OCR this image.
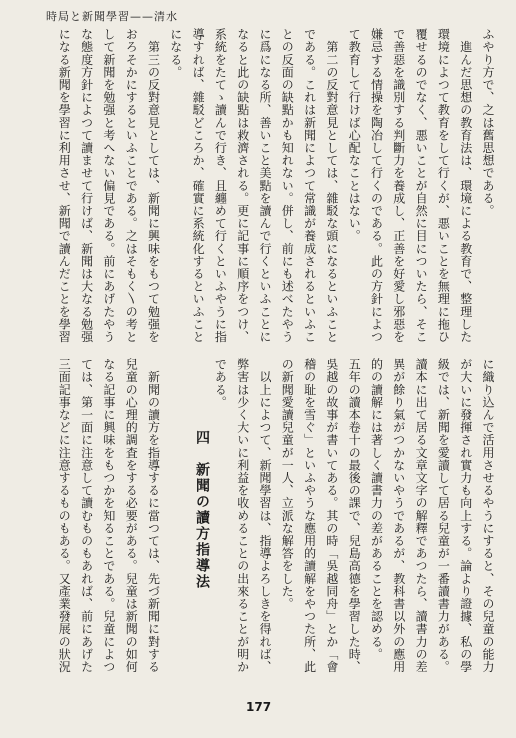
時局と新聞學習——清水
ふやり方で、之は舊思想である。
　進んだ思想の教育法は、環境による教育で、整理した
環境によつて教育をして行くが、悪いことを無理に拖ひ
覆せるのでなく、悪いことが自然に目についたら、そこ
で善惡を識別する判斷力を養成し、正善を好愛し邪惡を
嫌忌する情操を陶冶して行くのである。此の方針によつ
て教育して行けば心配なことはない。
　第二の反對意見としては、雜駁な頭になるといふこと
である。これは新聞によつて常識が養成されるといふこ
との反面の缺點かも知れない。併し、前にも述べたやう
に爲になる所、善いこと美點を讀んで行くといふことに
なると此の缺點は救濟される。更に記事に順序をつけ、
系統をたてゝ讀んで行き、且纏めて行くといふやうに指
導すれば、雜駁どころか、確實に系統化するといふこと
になる。
　第三の反對意見としては、新聞に興味をもつて勉强を
おろそかにするといふことである。之はそもく〵の考と
して新聞を勉强と考へない偏見である。前にあげたやう
な態度方針によつて讀ませて行けば、新聞は大なる勉强
になる新聞を學習に利用させ、新聞で讀んだことを學習
に織り込んで活用させるやうにすると、その兒童の能力
が大いに發揮され實力も向上する。論より證據、私の學
級では、新聞を愛讀して居る兒童が一番讀書力がある。
讀本に出て居る文章文字の解釋であつたら、讀書力の差
異が餘り氣がつかないやうであるが、教科書以外の應用
的の讀解には著しく讀書力の差があることを認める。
五年の讀本卷十の最後の課で、兒島高德を學習した時、
吳越の故事が書いてある。其の時「吳越同舟」とか「會
稽の耻を雪ぐ」といふやうな應用的讀解をやつた所、此
の新聞愛讀兒童が一人、立派な解答をした。
　以上によつて、新聞學習は、指導よろしきを得れば、
弊害は少く大いに利益を收めることの出來ることが明か
である。
　新聞の讀方を指導するに當つては、先づ新聞に對する
兒童の心理的調査をする必要がある。兒童は新聞の如何
なる記事に興味をもつかを知ることである。兒童によつ
ては、第一面に注意して讀むものもあれば、前にあげた
三面記事などに注意するものもある。又產業發展の狀況	四　新聞の讀方指導法
177
